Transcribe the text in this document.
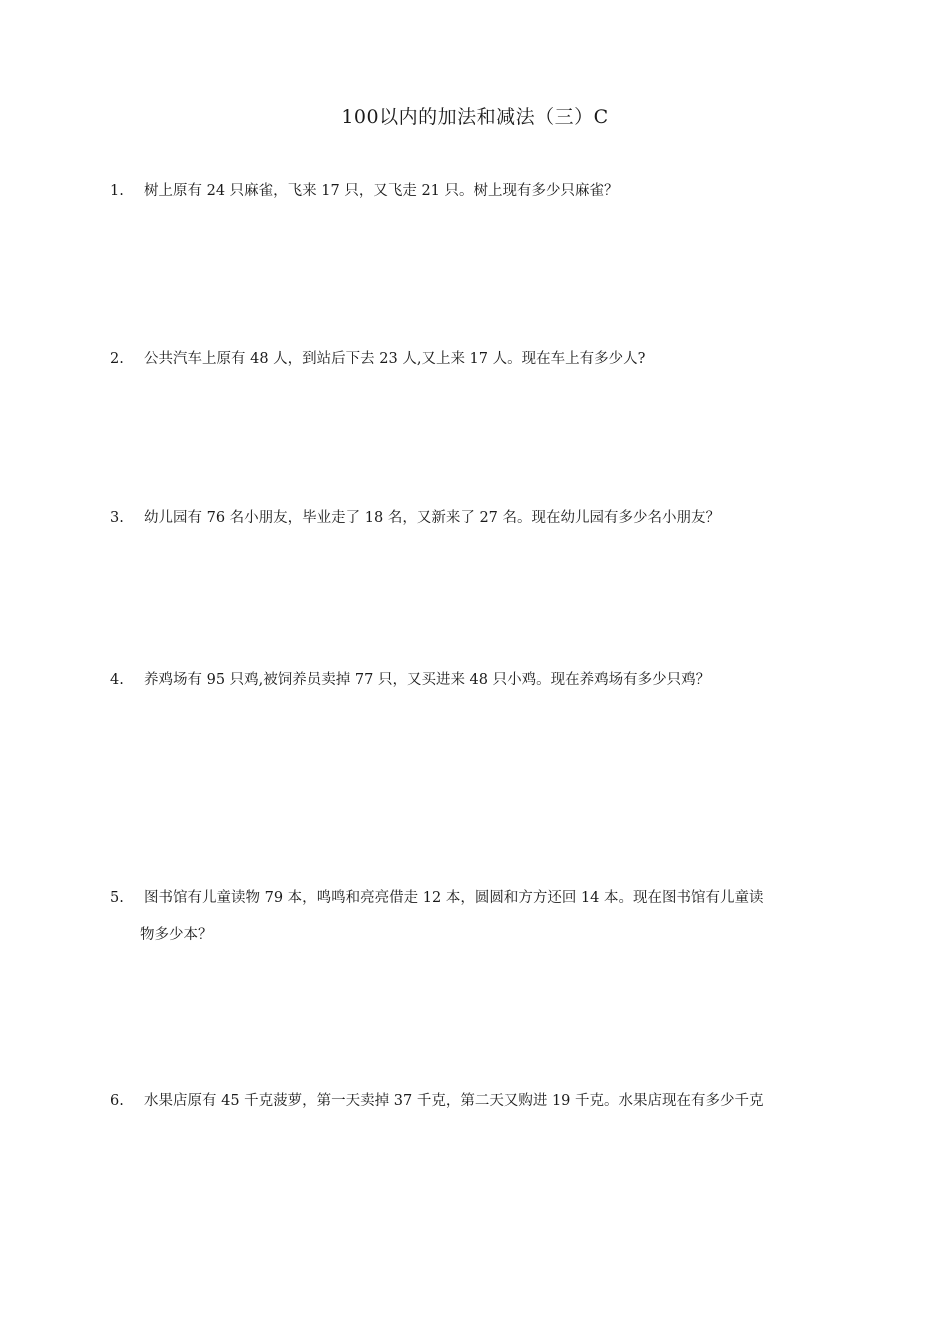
100以内的加法和减法（三）C
1.	树上原有 24 只麻雀，飞来 17 只，又飞走 21 只。树上现有多少只麻雀？
2.	公共汽车上原有 48 人，到站后下去 23 人,又上来 17 人。现在车上有多少人?
3.	幼儿园有 76 名小朋友，毕业走了 18 名，又新来了 27 名。现在幼儿园有多少名小朋友？
4.	养鸡场有 95 只鸡,被饲养员卖掉 77 只，又买进来 48 只小鸡。现在养鸡场有多少只鸡？
5.	图书馆有儿童读物 79 本，鸣鸣和亮亮借走 12 本，圆圆和方方还回 14 本。现在图书馆有儿童读
物多少本？
6.	水果店原有 45 千克菠萝，第一天卖掉 37 千克，第二天又购进 19 千克。水果店现在有多少千克
